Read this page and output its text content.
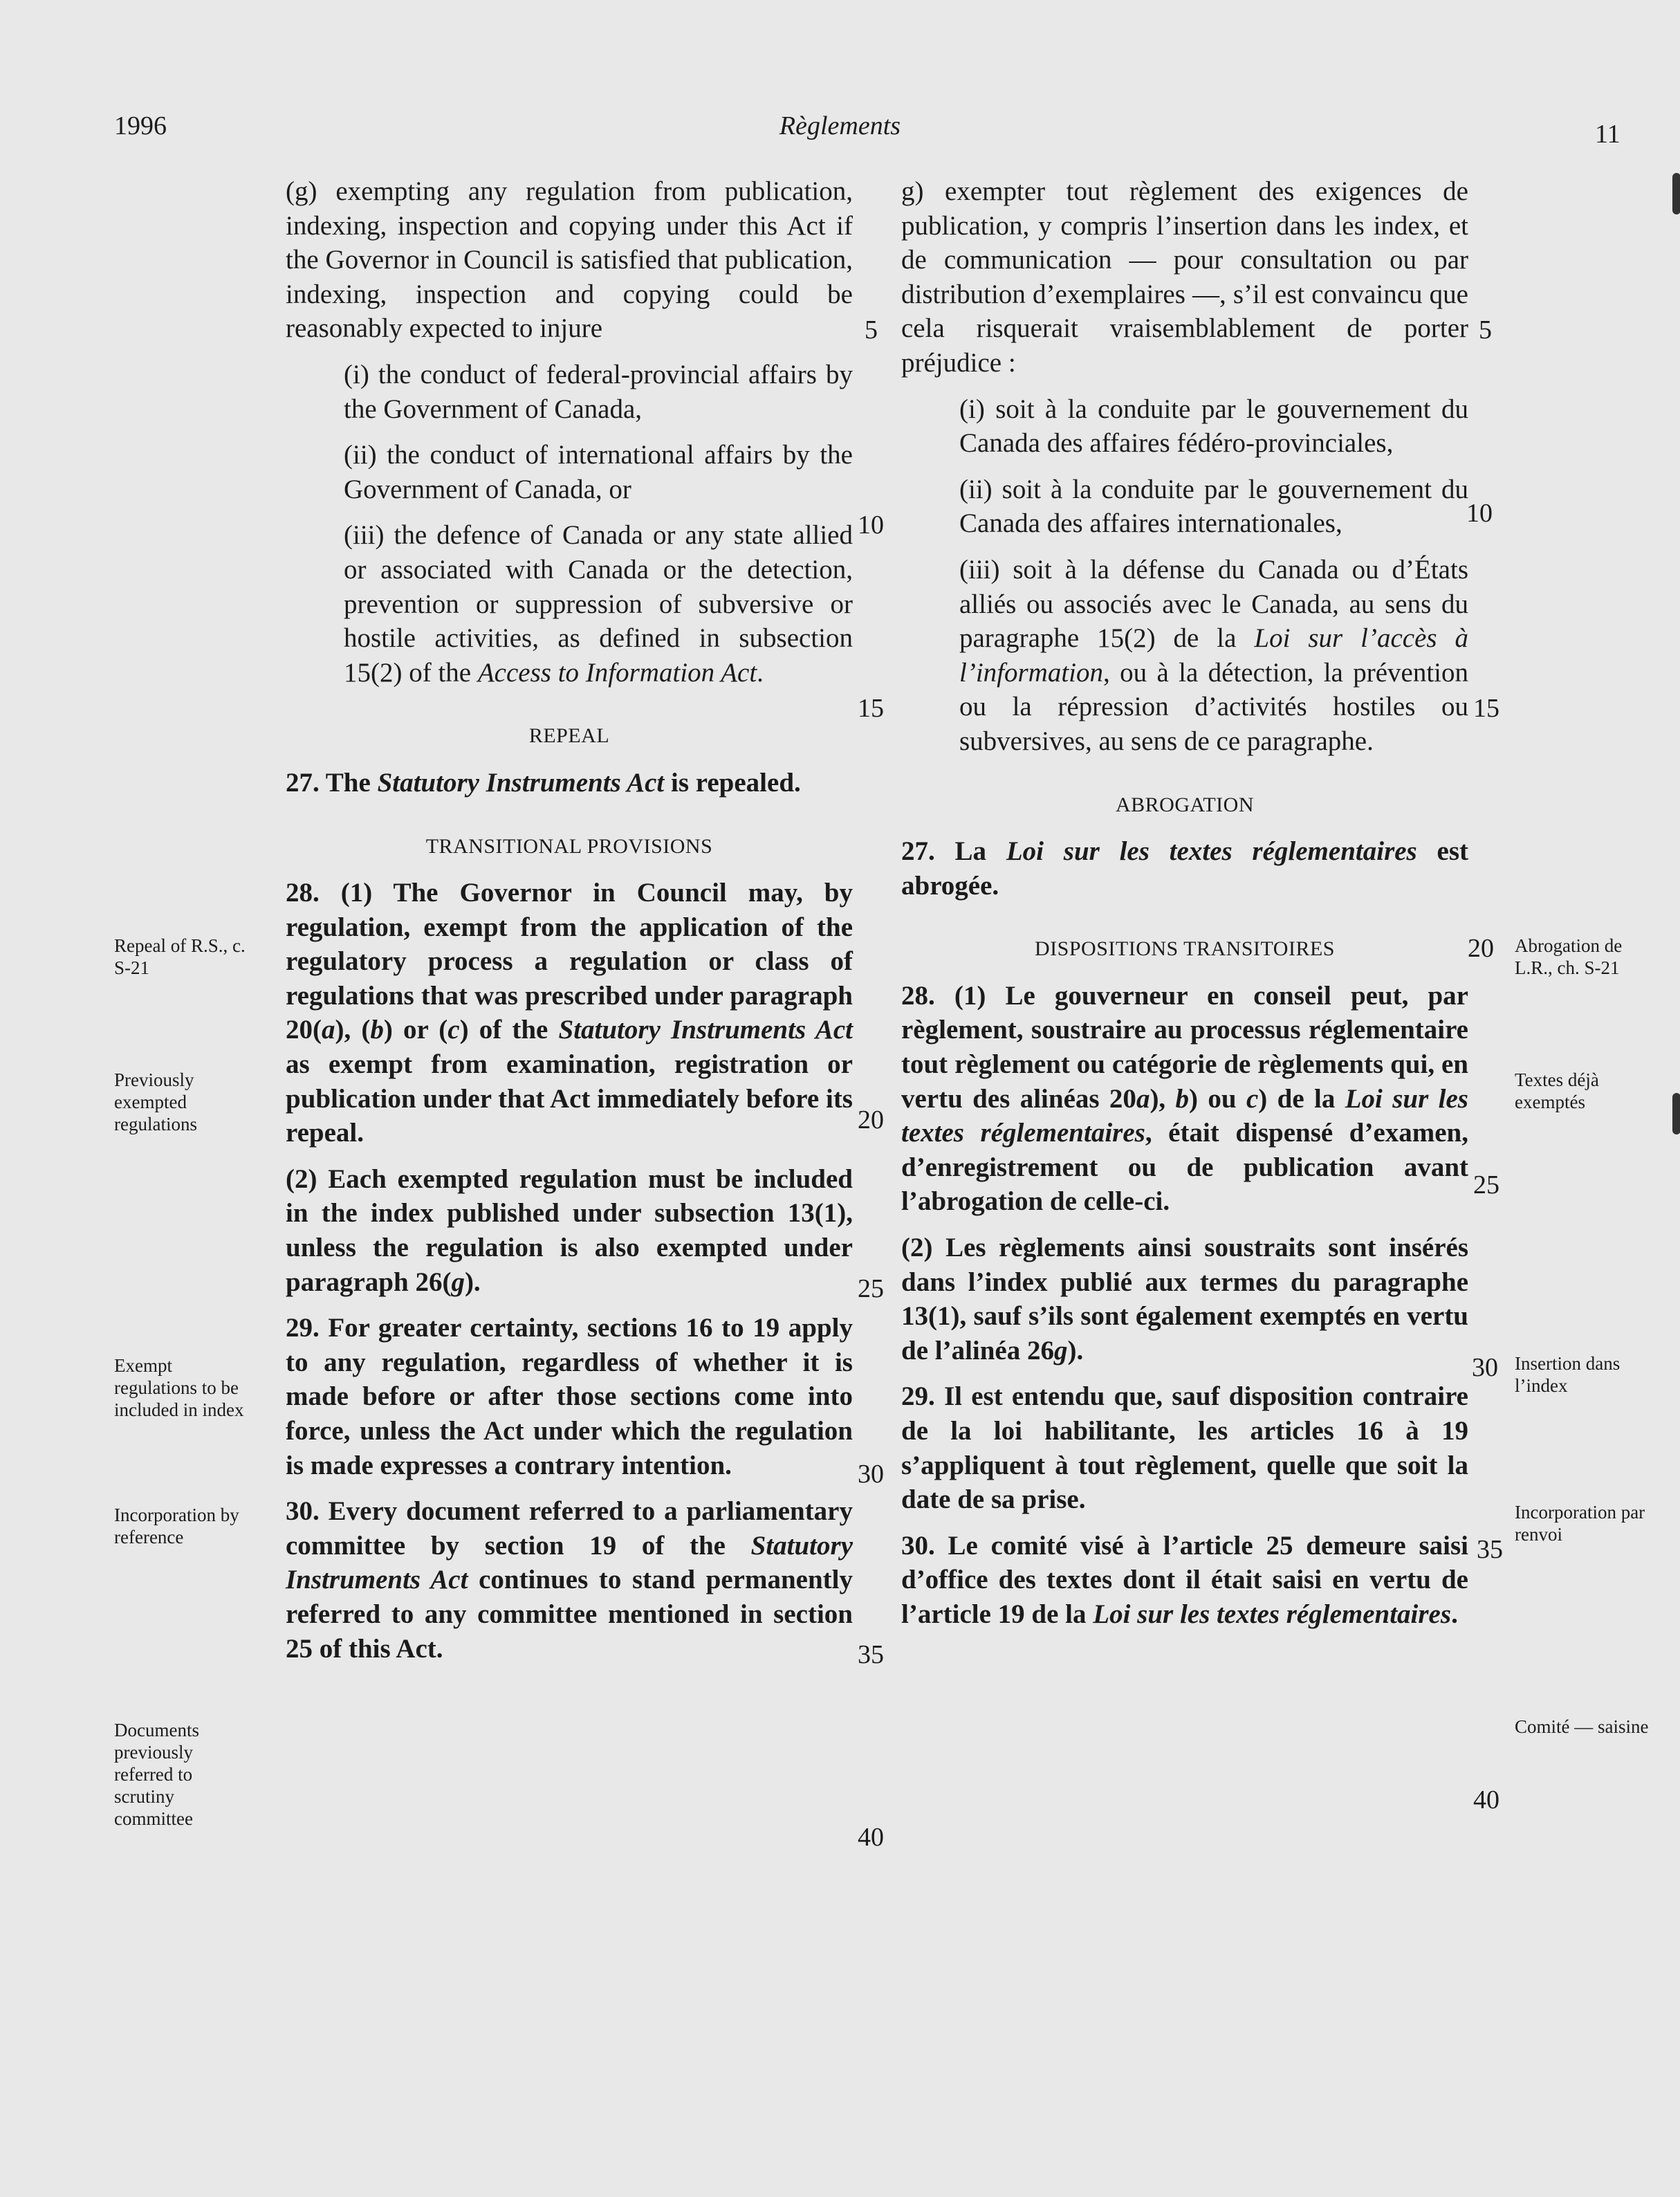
1996	Règlements	11

(g) exempting any regulation from publication, indexing, inspection and copying under this Act if the Governor in Council is satisfied that publication, indexing, inspection and copying could be reasonably expected to injure

(i) the conduct of federal-provincial affairs by the Government of Canada,

(ii) the conduct of international affairs by the Government of Canada, or

(iii) the defence of Canada or any state allied or associated with Canada or the detection, prevention or suppression of subversive or hostile activities, as defined in subsection 15(2) of the Access to Information Act.

REPEAL

27. The Statutory Instruments Act is repealed.

TRANSITIONAL PROVISIONS

28. (1) The Governor in Council may, by regulation, exempt from the application of the regulatory process a regulation or class of regulations that was prescribed under paragraph 20(a), (b) or (c) of the Statutory Instruments Act as exempt from examination, registration or publication under that Act immediately before its repeal.

(2) Each exempted regulation must be included in the index published under subsection 13(1), unless the regulation is also exempted under paragraph 26(g).

29. For greater certainty, sections 16 to 19 apply to any regulation, regardless of whether it is made before or after those sections come into force, unless the Act under which the regulation is made expresses a contrary intention.

30. Every document referred to a parliamentary committee by section 19 of the Statutory Instruments Act continues to stand permanently referred to any committee mentioned in section 25 of this Act.

g) exempter tout règlement des exigences de publication, y compris l’insertion dans les index, et de communication — pour consultation ou par distribution d’exemplaires —, s’il est convaincu que cela risquerait vraisemblablement de porter préjudice :

(i) soit à la conduite par le gouvernement du Canada des affaires fédéro-provinciales,

(ii) soit à la conduite par le gouvernement du Canada des affaires internationales,

(iii) soit à la défense du Canada ou d’États alliés ou associés avec le Canada, au sens du paragraphe 15(2) de la Loi sur l’accès à l’information, ou à la détection, la prévention ou la répression d’activités hostiles ou subversives, au sens de ce paragraphe.

ABROGATION

27. La Loi sur les textes réglementaires est abrogée.

DISPOSITIONS TRANSITOIRES

28. (1) Le gouverneur en conseil peut, par règlement, soustraire au processus réglementaire tout règlement ou catégorie de règlements qui, en vertu des alinéas 20a), b) ou c) de la Loi sur les textes réglementaires, était dispensé d’examen, d’enregistrement ou de publication avant l’abrogation de celle-ci.

(2) Les règlements ainsi soustraits sont insérés dans l’index publié aux termes du paragraphe 13(1), sauf s’ils sont également exemptés en vertu de l’alinéa 26g).

29. Il est entendu que, sauf disposition contraire de la loi habilitante, les articles 16 à 19 s’appliquent à tout règlement, quelle que soit la date de sa prise.

30. Le comité visé à l’article 25 demeure saisi d’office des textes dont il était saisi en vertu de l’article 19 de la Loi sur les textes réglementaires.

5
10
15
20
25
30
35
40
5
10
15
20
25
30
35
40
Repeal of R.S., c. S-21
Previously exempted regulations
Exempt regulations to be included in index
Incorporation by reference
Documents previously referred to scrutiny committee
Abrogation de L.R., ch. S-21
Textes déjà exemptés
Insertion dans l’index
Incorporation par renvoi
Comité — saisine
